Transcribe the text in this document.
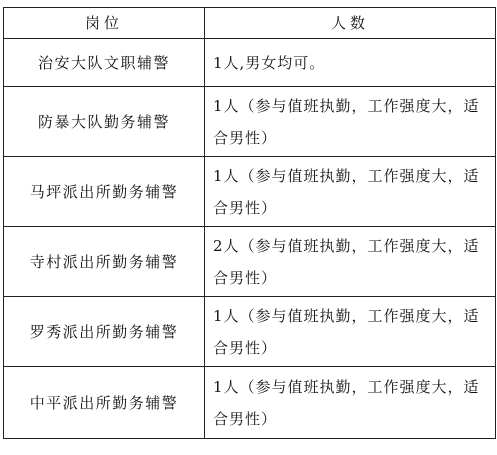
岗位	人数
治安大队文职辅警	1人,男女均可。
防暴大队勤务辅警	1人（参与值班执勤，工作强度大，适合男性）
马坪派出所勤务辅警	1人（参与值班执勤，工作强度大，适合男性）
寺村派出所勤务辅警	2人（参与值班执勤，工作强度大，适合男性）
罗秀派出所勤务辅警	1人（参与值班执勤，工作强度大，适合男性）
中平派出所勤务辅警	1人（参与值班执勤，工作强度大，适合男性）
